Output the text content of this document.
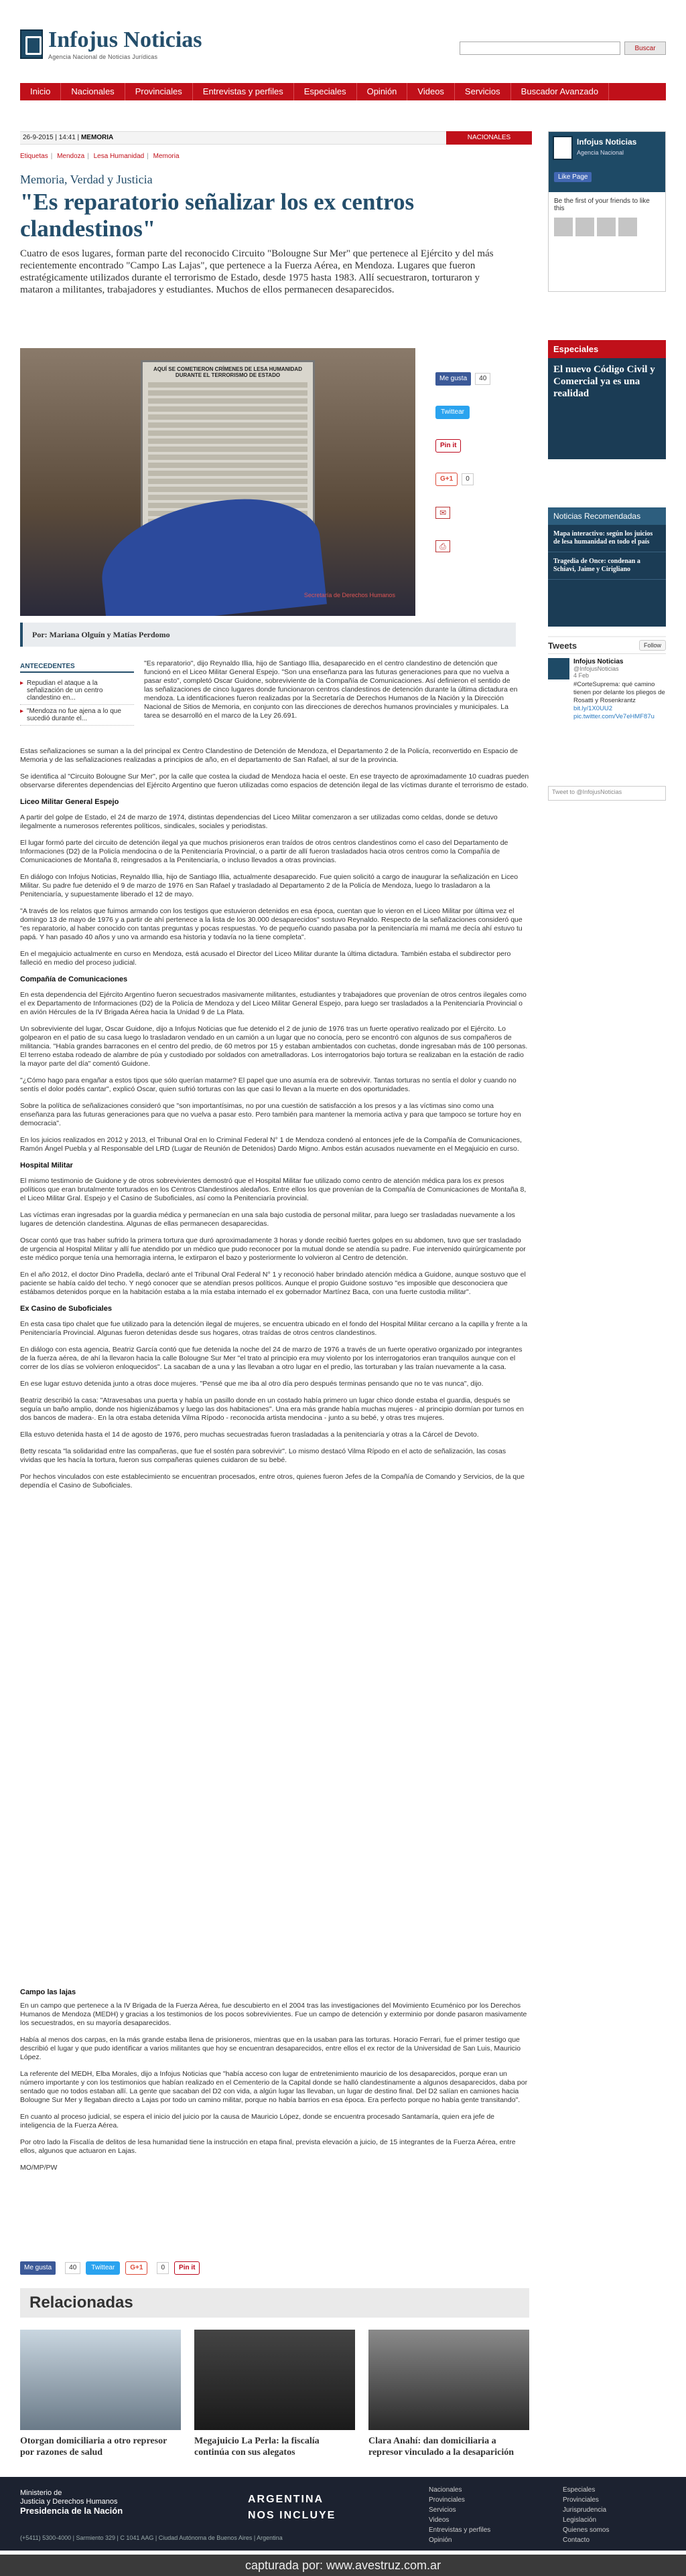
Infojus Noticias
Agencia Nacional de Noticias Jurídicas
Buscar
Inicio	Nacionales	Provinciales	Entrevistas y perfiles	Especiales	Opinión	Videos	Servicios	Buscador Avanzado
26-9-2015 | 14:41 | MEMORIA	NACIONALES
Etiquetas | Mendoza | Lesa Humanidad | Memoria
Memoria, Verdad y Justicia
"Es reparatorio señalizar los ex centros clandestinos"

Cuatro de esos lugares, forman parte del reconocido Circuito "Bolougne Sur Mer" que pertenece al Ejército y del más recientemente encontrado "Campo Las Lajas", que pertenece a la Fuerza Aérea, en Mendoza. Lugares que fueron estratégicamente utilizados durante el terrorismo de Estado, desde 1975 hasta 1983. Allí secuestraron, torturaron y mataron a militantes, trabajadores y estudiantes. Muchos de ellos permanecen desaparecidos.

AQUÍ SE COMETIERON CRÍMENES DE LESA HUMANIDAD DURANTE EL TERRORISMO DE ESTADO
Secretaría de Derechos Humanos
Por: Mariana Olguín y Matías Perdomo
Me gusta	40
Twittear
Pin it
G+1	0
✉
⎙
ANTECEDENTES
▸ Repudian el ataque a la señalización de un centro clandestino en...
▸ "Mendoza no fue ajena a lo que sucedió durante el...

"Es reparatorio", dijo Reynaldo Illia, hijo de Santiago Illia, desaparecido en el centro clandestino de detención que funcionó en el Liceo Militar General Espejo. "Son una enseñanza para las futuras generaciones para que no vuelva a pasar esto", completó Oscar Guidone, sobreviviente de la Compañía de Comunicaciones. Así definieron el sentido de las señalizaciones de cinco lugares donde funcionaron centros clandestinos de detención durante la última dictadura en mendoza. La identificaciones fueron realizadas por la Secretaría de Derechos Humanos de la Nación y la Dirección Nacional de Sitios de Memoria, en conjunto con las direcciones de derechos humanos provinciales y municipales. La tarea se desarrolló en el marco de la Ley 26.691.

Estas señalizaciones se suman a la del principal ex Centro Clandestino de Detención de Mendoza, el Departamento 2 de la Policía, reconvertido en Espacio de Memoria y de las señalizaciones realizadas a principios de año, en el departamento de San Rafael, al sur de la provincia.

Se identifica al "Circuito Bolougne Sur Mer", por la calle que costea la ciudad de Mendoza hacia el oeste. En ese trayecto de aproximadamente 10 cuadras pueden observarse diferentes dependencias del Ejército Argentino que fueron utilizadas como espacios de detención ilegal de las víctimas durante el terrorismo de estado.

Liceo Militar General Espejo

A partir del golpe de Estado, el 24 de marzo de 1974, distintas dependencias del Liceo Militar comenzaron a ser utilizadas como celdas, donde se detuvo ilegalmente a numerosos referentes políticos, sindicales, sociales y periodistas.

El lugar formó parte del circuito de detención ilegal ya que muchos prisioneros eran traídos de otros centros clandestinos como el caso del Departamento de Informaciones (D2) de la Policía mendocina o de la Penitenciaría Provincial, o a partir de allí fueron trasladados hacia otros centros como la Compañía de Comunicaciones de Montaña 8, reingresados a la Penitenciaría, o incluso llevados a otras provincias.

En diálogo con Infojus Noticias, Reynaldo Illia, hijo de Santiago Illia, actualmente desaparecido. Fue quien solicitó a cargo de inaugurar la señalización en Liceo Militar. Su padre fue detenido el 9 de marzo de 1976 en San Rafael y trasladado al Departamento 2 de la Policía de Mendoza, luego lo trasladaron a la Penitenciaría, y supuestamente liberado el 12 de mayo.

"A través de los relatos que fuimos armando con los testigos que estuvieron detenidos en esa época, cuentan que lo vieron en el Liceo Militar por última vez el domingo 13 de mayo de 1976 y a partir de ahí pertenece a la lista de los 30.000 desaparecidos" sostuvo Reynaldo. Respecto de la señalizaciones consideró que "es reparatorio, al haber conocido con tantas preguntas y pocas respuestas. Yo de pequeño cuando pasaba por la penitenciaría mi mamá me decía ahí estuvo tu papá. Y han pasado 40 años y uno va armando esa historia y todavía no la tiene completa".

En el megajuicio actualmente en curso en Mendoza, está acusado el Director del Liceo Militar durante la última dictadura. También estaba el subdirector pero falleció en medio del proceso judicial.

Compañía de Comunicaciones

En esta dependencia del Ejército Argentino fueron secuestrados masivamente militantes, estudiantes y trabajadores que provenían de otros centros ilegales como el ex Departamento de Informaciones (D2) de la Policía de Mendoza y del Liceo Militar General Espejo, para luego ser trasladados a la Penitenciaría Provincial o en avión Hércules de la IV Brigada Aérea hacia la Unidad 9 de La Plata.

Un sobreviviente del lugar, Oscar Guidone, dijo a Infojus Noticias que fue detenido el 2 de junio de 1976 tras un fuerte operativo realizado por el Ejército. Lo golpearon en el patio de su casa luego lo trasladaron vendado en un camión a un lugar que no conocía, pero se encontró con algunos de sus compañeros de militancia. "Había grandes barracones en el centro del predio, de 60 metros por 15 y estaban ambientados con cuchetas, donde ingresaban más de 100 personas. El terreno estaba rodeado de alambre de púa y custodiado por soldados con ametralladoras. Los interrogatorios bajo tortura se realizaban en la estación de radio la mayor parte del día" comentó Guidone.

"¿Cómo hago para engañar a estos tipos que sólo querían matarme? El papel que uno asumía era de sobrevivir. Tantas torturas no sentía el dolor y cuando no sentís el dolor podés cantar", explicó Oscar, quien sufrió torturas con las que casi lo llevan a la muerte en dos oportunidades.

Sobre la política de señalizaciones consideró que "son importantísimas, no por una cuestión de satisfacción a los presos y a las víctimas sino como una enseñanza para las futuras generaciones para que no vuelva a pasar esto. Pero también para mantener la memoria activa y para que tampoco se torture hoy en democracia".

En los juicios realizados en 2012 y 2013, el Tribunal Oral en lo Criminal Federal N° 1 de Mendoza condenó al entonces jefe de la Compañía de Comunicaciones, Ramón Ángel Puebla y al Responsable del LRD (Lugar de Reunión de Detenidos) Dardo Migno. Ambos están acusados nuevamente en el Megajuicio en curso.

Hospital Militar

El mismo testimonio de Guidone y de otros sobrevivientes demostró que el Hospital Militar fue utilizado como centro de atención médica para los ex presos políticos que eran brutalmente torturados en los Centros Clandestinos aledaños. Entre ellos los que provenían de la Compañía de Comunicaciones de Montaña 8, el Liceo Militar Gral. Espejo y el Casino de Suboficiales, así como la Penitenciaría provincial.

Las víctimas eran ingresadas por la guardia médica y permanecían en una sala bajo custodia de personal militar, para luego ser trasladadas nuevamente a los lugares de detención clandestina. Algunas de ellas permanecen desaparecidas.

Oscar contó que tras haber sufrido la primera tortura que duró aproximadamente 3 horas y donde recibió fuertes golpes en su abdomen, tuvo que ser trasladado de urgencia al Hospital Militar y allí fue atendido por un médico que pudo reconocer por la mutual donde se atendía su padre. Fue intervenido quirúrgicamente por este médico porque tenía una hemorragia interna, le extirparon el bazo y posteriormente lo volvieron al Centro de detención.

En el año 2012, el doctor Dino Pradella, declaró ante el Tribunal Oral Federal N° 1 y reconoció haber brindado atención médica a Guidone, aunque sostuvo que el paciente se había caído del techo. Y negó conocer que se atendían presos políticos. Aunque el propio Guidone sostuvo "es imposible que desconociera que estábamos detenidos porque en la habitación estaba a la mía estaba internado el ex gobernador Martínez Baca, con una fuerte custodia militar".

Ex Casino de Suboficiales

En esta casa tipo chalet que fue utilizado para la detención ilegal de mujeres, se encuentra ubicado en el fondo del Hospital Militar cercano a la capilla y frente a la Penitenciaría Provincial. Algunas fueron detenidas desde sus hogares, otras traídas de otros centros clandestinos.

En diálogo con esta agencia, Beatriz García contó que fue detenida la noche del 24 de marzo de 1976 a través de un fuerte operativo organizado por integrantes de la fuerza aérea, de ahí la llevaron hacia la calle Bolougne Sur Mer "el trato al principio era muy violento por los interrogatorios eran tranquilos aunque con el correr de los días se volvieron enloquecidos". La sacaban de a una y las llevaban a otro lugar en el predio, las torturaban y las traían nuevamente a la casa.

En ese lugar estuvo detenida junto a otras doce mujeres. "Pensé que me iba al otro día pero después terminas pensando que no te vas nunca", dijo.

Beatriz describió la casa: "Atravesabas una puerta y había un pasillo donde en un costado había primero un lugar chico donde estaba el guardia, después se seguía un baño amplio, donde nos higienizábamos y luego las dos habitaciones". Una era más grande había muchas mujeres - al principio dormían por turnos en dos bancos de madera-. En la otra estaba detenida Vilma Rípodo - reconocida artista mendocina - junto a su bebé, y otras tres mujeres.

Ella estuvo detenida hasta el 14 de agosto de 1976, pero muchas secuestradas fueron trasladadas a la penitenciaría y otras a la Cárcel de Devoto.

Betty rescata "la solidaridad entre las compañeras, que fue el sostén para sobrevivir". Lo mismo destacó Vilma Rípodo en el acto de señalización, las cosas vividas que les hacía la tortura, fueron sus compañeras quienes cuidaron de su bebé.

Por hechos vinculados con este establecimiento se encuentran procesados, entre otros, quienes fueron Jefes de la Compañía de Comando y Servicios, de la que dependía el Casino de Suboficiales.

Campo las lajas

En un campo que pertenece a la IV Brigada de la Fuerza Aérea, fue descubierto en el 2004 tras las investigaciones del Movimiento Ecuménico por los Derechos Humanos de Mendoza (MEDH) y gracias a los testimonios de los pocos sobrevivientes. Fue un campo de detención y exterminio por donde pasaron masivamente los secuestrados, en su mayoría desaparecidos.

Había al menos dos carpas, en la más grande estaba llena de prisioneros, mientras que en la usaban para las torturas. Horacio Ferrari, fue el primer testigo que describió el lugar y que pudo identificar a varios militantes que hoy se encuentran desaparecidos, entre ellos el ex rector de la Universidad de San Luis, Mauricio López.

La referente del MEDH, Elba Morales, dijo a Infojus Noticias que "había acceso con lugar de entretenimiento mauricio de los desaparecidos, porque eran un número importante y con los testimonios que habían realizado en el Cementerio de la Capital donde se halló clandestinamente a algunos desaparecidos, daba por sentado que no todos estaban allí. La gente que sacaban del D2 con vida, a algún lugar las llevaban, un lugar de destino final. Del D2 salían en camiones hacia Bolougne Sur Mer y llegaban directo a Lajas por todo un camino militar, porque no había barrios en esa época. Era perfecto porque no había gente transitando".

En cuanto al proceso judicial, se espera el inicio del juicio por la causa de Mauricio López, donde se encuentra procesado Santamaría, quien era jefe de inteligencia de la Fuerza Aérea.

Por otro lado la Fiscalía de delitos de lesa humanidad tiene la instrucción en etapa final, prevista elevación a juicio, de 15 integrantes de la Fuerza Aérea, entre ellos, algunos que actuaron en Lajas.

MO/MP/PW

Me gusta	40	Twittear	G+1	0	Pin it
Relacionadas
Otorgan domiciliaria a otro represor por razones de salud
Megajuicio La Perla: la fiscalía continúa con sus alegatos
Clara Anahí: dan domiciliaria a represor vinculado a la desaparición
Infojus Noticias
Agencia Nacional
Like Page
Be the first of your friends to like this
Especiales
El nuevo Código Civil y Comercial ya es una realidad
Noticias Recomendadas
Mapa interactivo: según los juicios de lesa humanidad en todo el país
Tragedia de Once: condenan a Schiavi, Jaime y Cirigliano
Tweets	Follow
Infojus Noticias
@InfojusNoticias
4 Feb
#CorteSuprema: qué camino tienen por delante los pliegos de Rosatti y Rosenkrantz bit.ly/1X0UU2 pic.twitter.com/Ve7eHMF87u
Tweet to @InfojusNoticias
Ministerio de
Justicia y Derechos Humanos
Presidencia de la Nación
ARGENTINA
NOS INCLUYE
Nacionales
Provinciales
Servicios
Videos
Entrevistas y perfiles
Opinión
Especiales
Provinciales
Jurisprudencia
Legislación
Quienes somos
Contacto
(+5411) 5300-4000 | Sarmiento 329 | C 1041 AAG | Ciudad Autónoma de Buenos Aires | Argentina
capturada por: www.avestruz.com.ar
